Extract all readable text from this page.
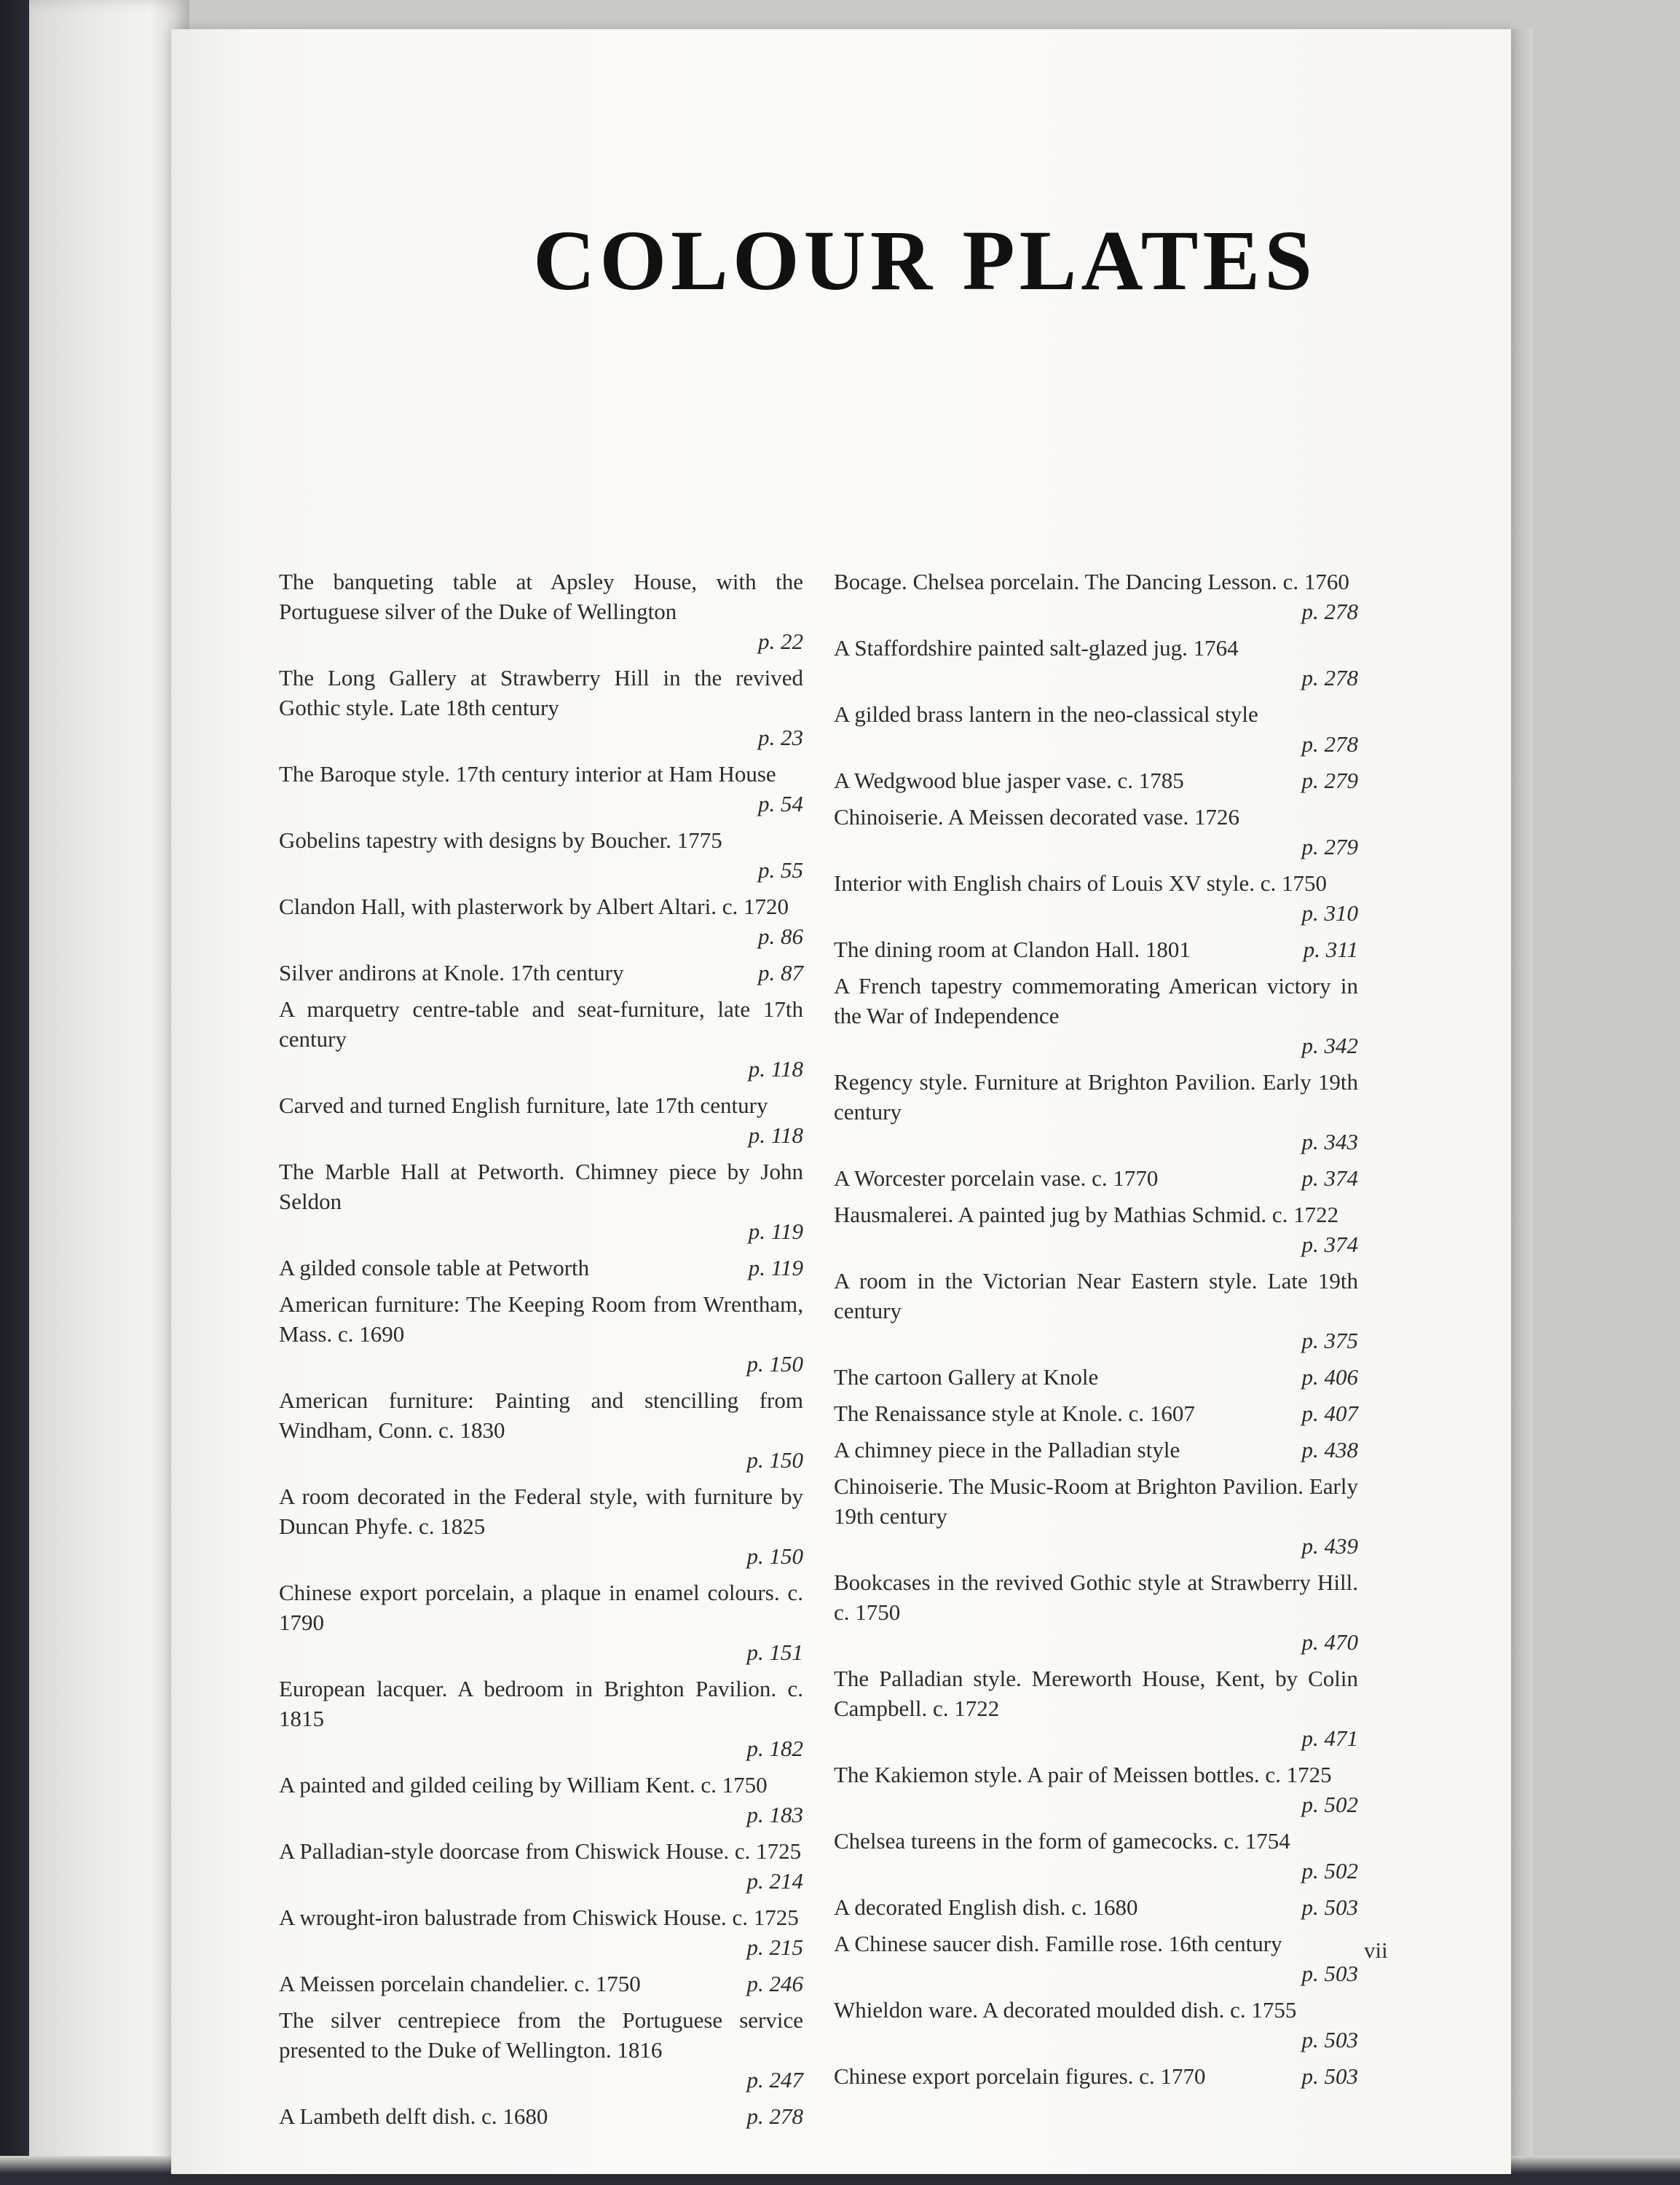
COLOUR PLATES
The banqueting table at Apsley House, with the Portuguese silver of the Duke of Wellington
p. 22
The Long Gallery at Strawberry Hill in the revived Gothic style. Late 18th century
p. 23
The Baroque style. 17th century interior at Ham House
p. 54
Gobelins tapestry with designs by Boucher. 1775
p. 55
Clandon Hall, with plasterwork by Albert Altari. c. 1720
p. 86
Silver andirons at Knole. 17th century	p. 87
A marquetry centre-table and seat-furniture, late 17th century
p. 118
Carved and turned English furniture, late 17th century
p. 118
The Marble Hall at Petworth. Chimney piece by John Seldon
p. 119
A gilded console table at Petworth	p. 119
American furniture: The Keeping Room from Wrentham, Mass. c. 1690
p. 150
American furniture: Painting and stencilling from Windham, Conn. c. 1830
p. 150
A room decorated in the Federal style, with furniture by Duncan Phyfe. c. 1825
p. 150
Chinese export porcelain, a plaque in enamel colours. c. 1790
p. 151
European lacquer. A bedroom in Brighton Pavilion. c. 1815
p. 182
A painted and gilded ceiling by William Kent. c. 1750
p. 183
A Palladian-style doorcase from Chiswick House. c. 1725
p. 214
A wrought-iron balustrade from Chiswick House. c. 1725
p. 215
A Meissen porcelain chandelier. c. 1750	p. 246
The silver centrepiece from the Portuguese service presented to the Duke of Wellington. 1816
p. 247
A Lambeth delft dish. c. 1680	p. 278
Bocage. Chelsea porcelain. The Dancing Lesson. c. 1760
p. 278
A Staffordshire painted salt-glazed jug. 1764
p. 278
A gilded brass lantern in the neo-classical style
p. 278
A Wedgwood blue jasper vase. c. 1785	p. 279
Chinoiserie. A Meissen decorated vase. 1726
p. 279
Interior with English chairs of Louis XV style. c. 1750
p. 310
The dining room at Clandon Hall. 1801	p. 311
A French tapestry commemorating American victory in the War of Independence
p. 342
Regency style. Furniture at Brighton Pavilion. Early 19th century
p. 343
A Worcester porcelain vase. c. 1770	p. 374
Hausmalerei. A painted jug by Mathias Schmid. c. 1722
p. 374
A room in the Victorian Near Eastern style. Late 19th century
p. 375
The cartoon Gallery at Knole	p. 406
The Renaissance style at Knole. c. 1607	p. 407
A chimney piece in the Palladian style	p. 438
Chinoiserie. The Music-Room at Brighton Pavilion. Early 19th century
p. 439
Bookcases in the revived Gothic style at Strawberry Hill. c. 1750
p. 470
The Palladian style. Mereworth House, Kent, by Colin Campbell. c. 1722
p. 471
The Kakiemon style. A pair of Meissen bottles. c. 1725
p. 502
Chelsea tureens in the form of gamecocks. c. 1754
p. 502
A decorated English dish. c. 1680	p. 503
A Chinese saucer dish. Famille rose. 16th century
p. 503
Whieldon ware. A decorated moulded dish. c. 1755
p. 503
Chinese export porcelain figures. c. 1770	p. 503
vii
